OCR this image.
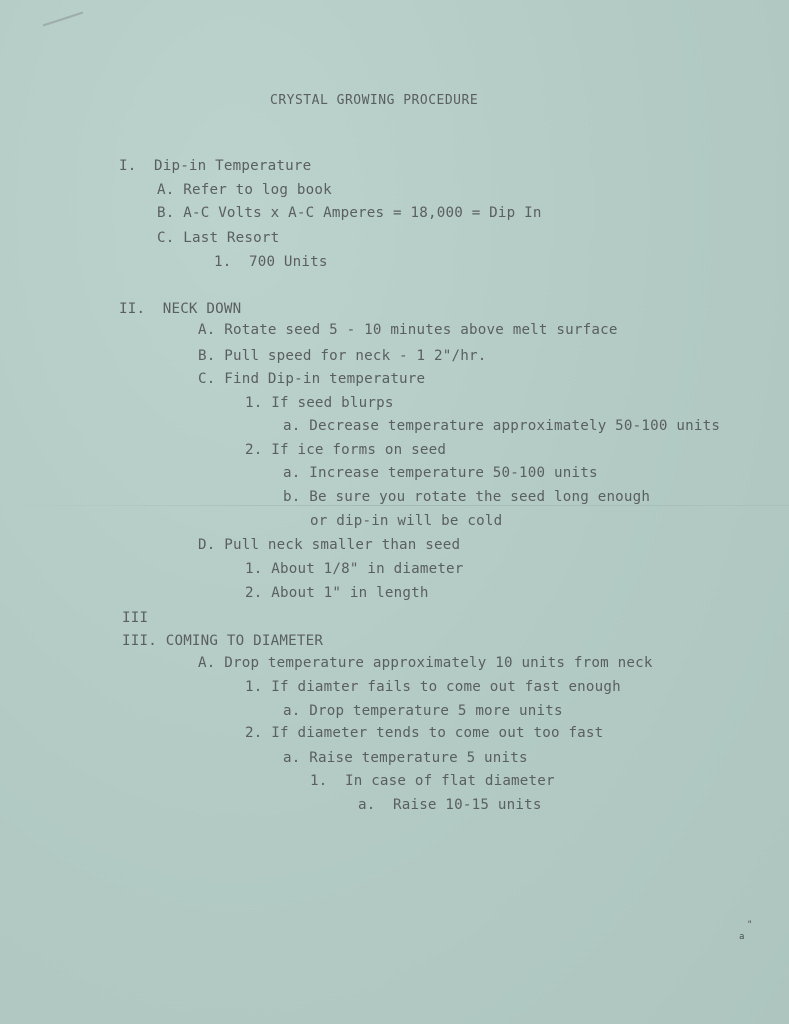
CRYSTAL GROWING PROCEDURE
I.  Dip-in Temperature
A. Refer to log book
B. A-C Volts x A-C Amperes = 18,000 = Dip In
C. Last Resort
1.  700 Units
II.  NECK DOWN
A. Rotate seed 5 - 10 minutes above melt surface
B. Pull speed for neck - 1 2"/hr.
C. Find Dip-in temperature
1. If seed blurps
a. Decrease temperature approximately 50-100 units
2. If ice forms on seed
a. Increase temperature 50-100 units
b. Be sure you rotate the seed long enough
or dip-in will be cold
D. Pull neck smaller than seed
1. About 1/8" in diameter
2. About 1" in length
III
III. COMING TO DIAMETER
A. Drop temperature approximately 10 units from neck
1. If diamter fails to come out fast enough
a. Drop temperature 5 more units
2. If diameter tends to come out too fast
a. Raise temperature 5 units
1.  In case of flat diameter
a.  Raise 10-15 units
"
a
